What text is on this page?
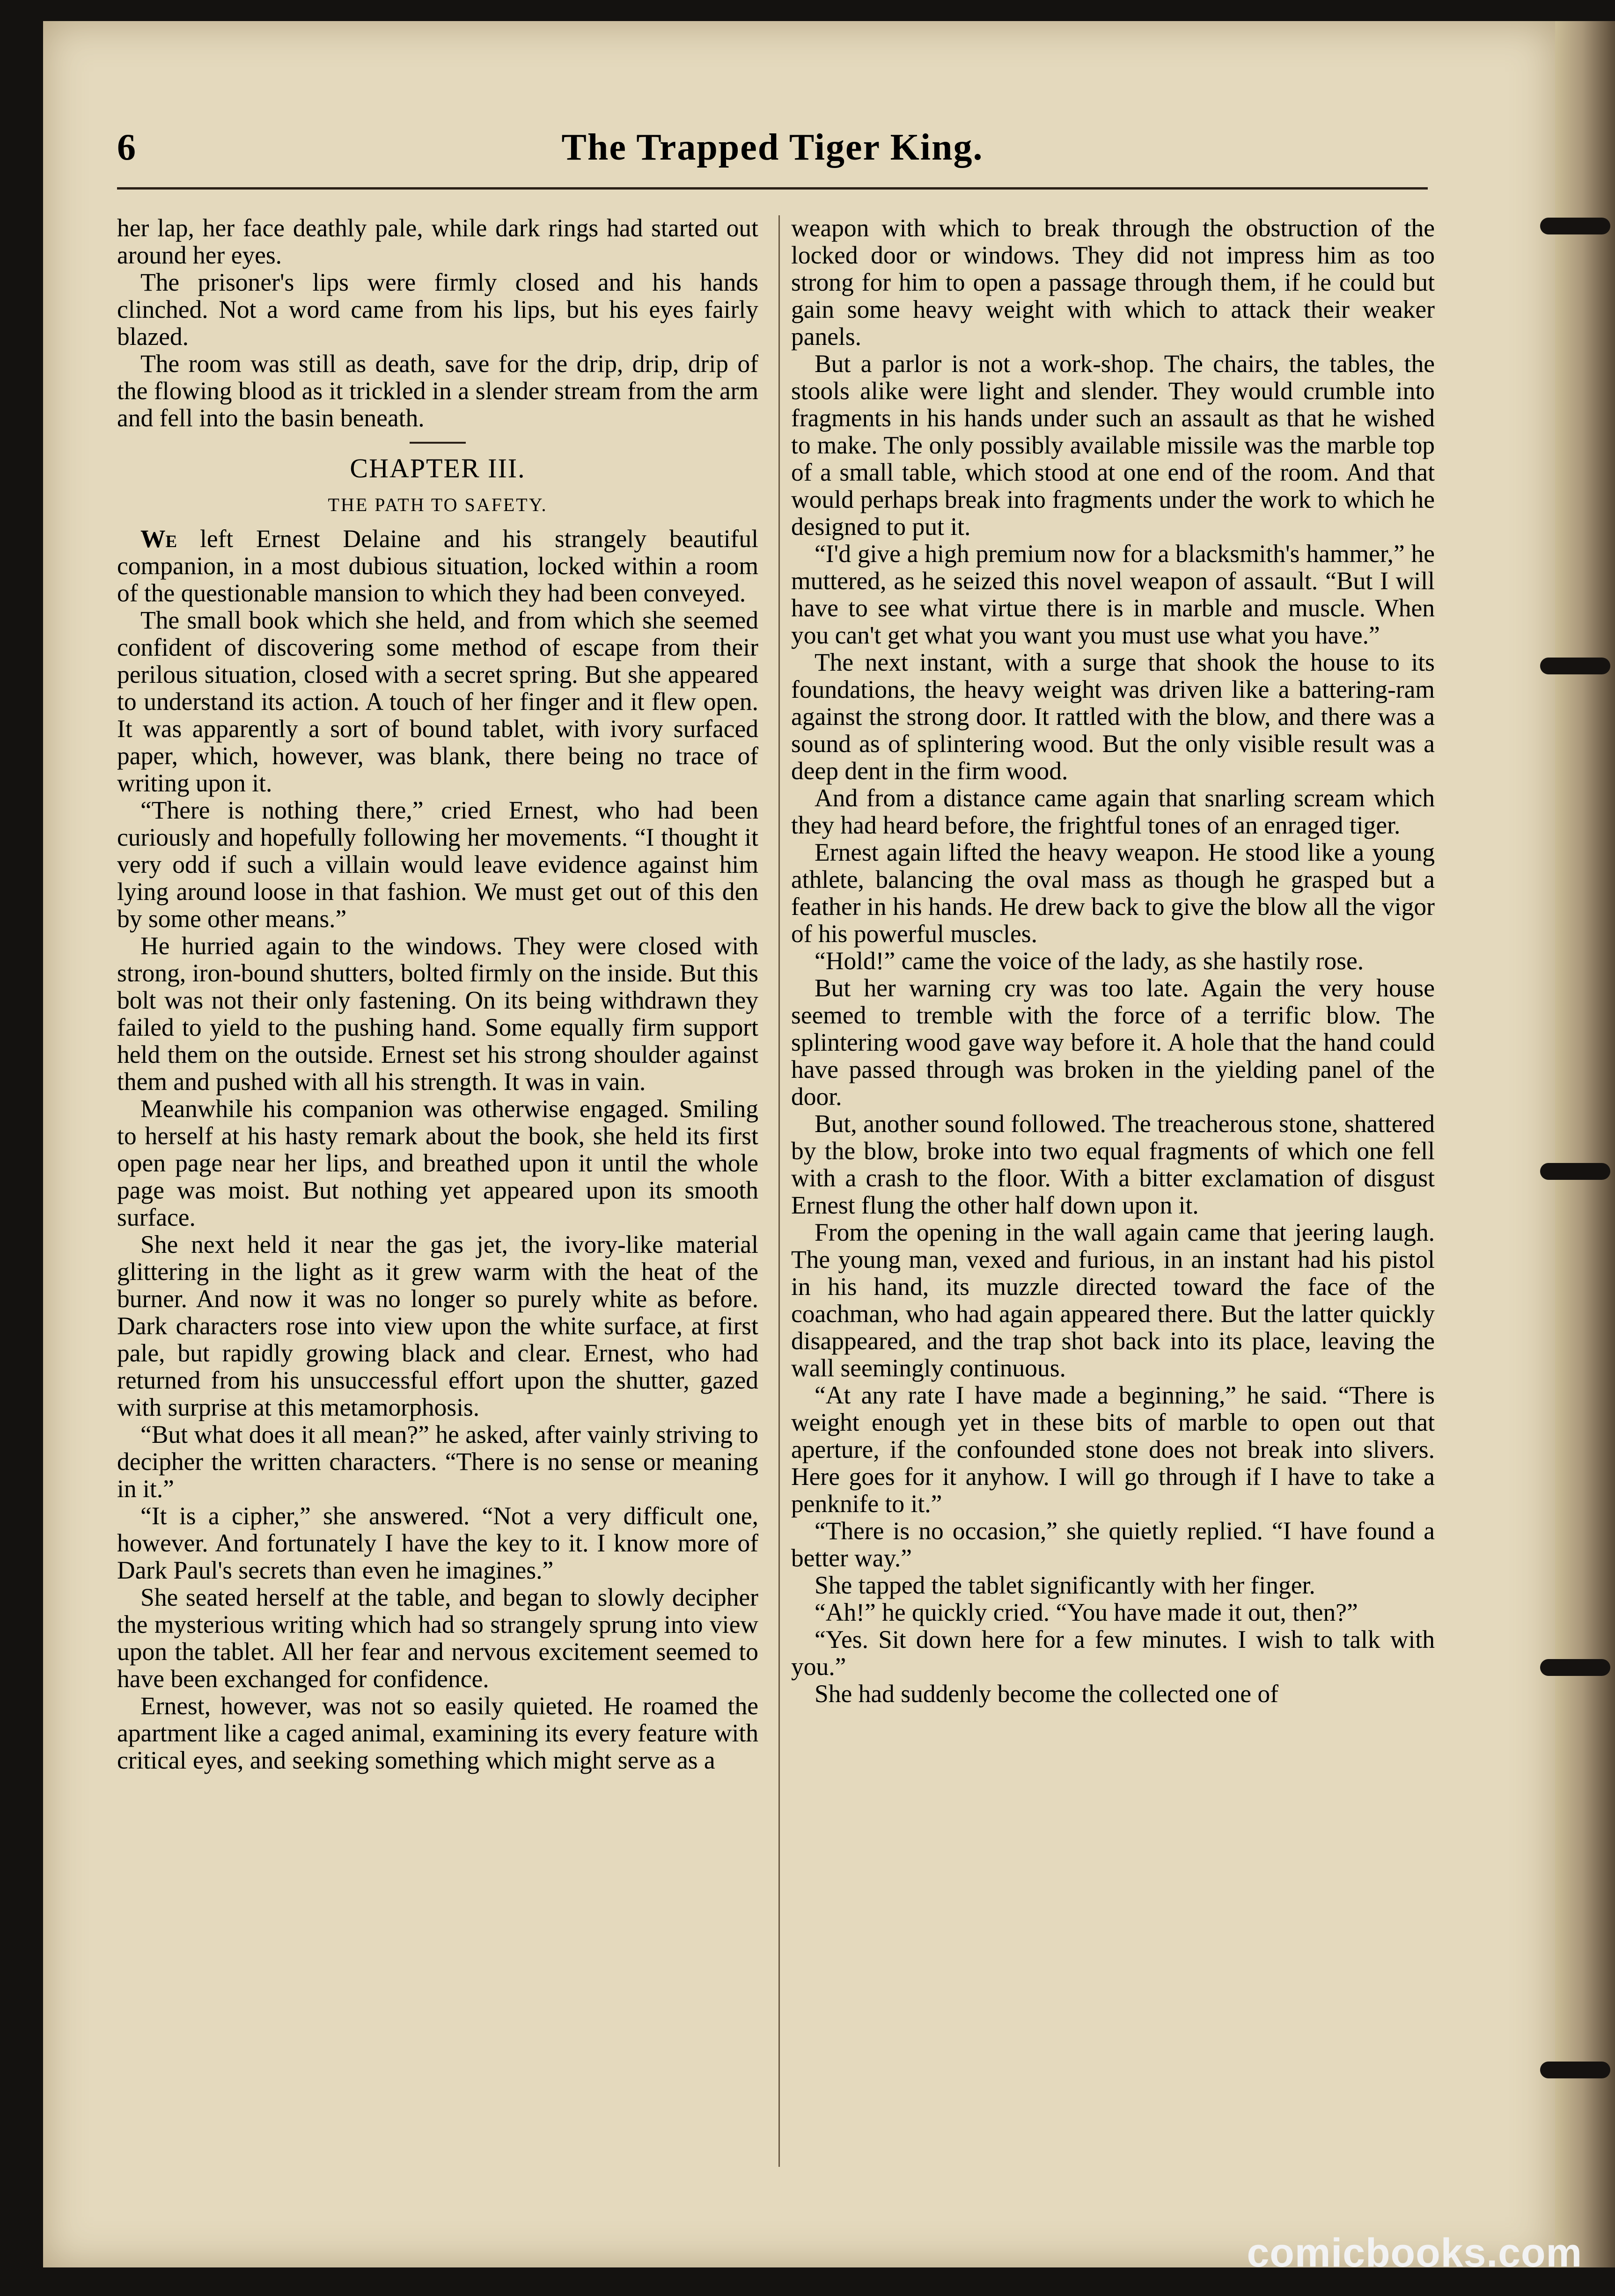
6	The Trapped Tiger King.

her lap, her face deathly pale, while dark rings had started out around her eyes.

The prisoner's lips were firmly closed and his hands clinched. Not a word came from his lips, but his eyes fairly blazed.

The room was still as death, save for the drip, drip, drip of the flowing blood as it trickled in a slender stream from the arm and fell into the basin beneath.

CHAPTER III.
THE PATH TO SAFETY.

We left Ernest Delaine and his strangely beautiful companion, in a most dubious situation, locked within a room of the questionable mansion to which they had been conveyed.

The small book which she held, and from which she seemed confident of discovering some method of escape from their perilous situation, closed with a secret spring. But she appeared to understand its action. A touch of her finger and it flew open. It was apparently a sort of bound tablet, with ivory surfaced paper, which, however, was blank, there being no trace of writing upon it.

“There is nothing there,” cried Ernest, who had been curiously and hopefully following her movements. “I thought it very odd if such a villain would leave evidence against him lying around loose in that fashion. We must get out of this den by some other means.”

He hurried again to the windows. They were closed with strong, iron-bound shutters, bolted firmly on the inside. But this bolt was not their only fastening. On its being withdrawn they failed to yield to the pushing hand. Some equally firm support held them on the outside. Ernest set his strong shoulder against them and pushed with all his strength. It was in vain.

Meanwhile his companion was otherwise engaged. Smiling to herself at his hasty remark about the book, she held its first open page near her lips, and breathed upon it until the whole page was moist. But nothing yet appeared upon its smooth surface.

She next held it near the gas jet, the ivory-like material glittering in the light as it grew warm with the heat of the burner. And now it was no longer so purely white as before. Dark characters rose into view upon the white surface, at first pale, but rapidly growing black and clear. Ernest, who had returned from his unsuccessful effort upon the shutter, gazed with surprise at this metamorphosis.

“But what does it all mean?” he asked, after vainly striving to decipher the written characters. “There is no sense or meaning in it.”

“It is a cipher,” she answered. “Not a very difficult one, however. And fortunately I have the key to it. I know more of Dark Paul's secrets than even he imagines.”

She seated herself at the table, and began to slowly decipher the mysterious writing which had so strangely sprung into view upon the tablet. All her fear and nervous excitement seemed to have been exchanged for confidence.

Ernest, however, was not so easily quieted. He roamed the apartment like a caged animal, examining its every feature with critical eyes, and seeking something which might serve as a

weapon with which to break through the obstruction of the locked door or windows. They did not impress him as too strong for him to open a passage through them, if he could but gain some heavy weight with which to attack their weaker panels.

But a parlor is not a work-shop. The chairs, the tables, the stools alike were light and slender. They would crumble into fragments in his hands under such an assault as that he wished to make. The only possibly available missile was the marble top of a small table, which stood at one end of the room. And that would perhaps break into fragments under the work to which he designed to put it.

“I'd give a high premium now for a blacksmith's hammer,” he muttered, as he seized this novel weapon of assault. “But I will have to see what virtue there is in marble and muscle. When you can't get what you want you must use what you have.”

The next instant, with a surge that shook the house to its foundations, the heavy weight was driven like a battering-ram against the strong door. It rattled with the blow, and there was a sound as of splintering wood. But the only visible result was a deep dent in the firm wood.

And from a distance came again that snarling scream which they had heard before, the frightful tones of an enraged tiger.

Ernest again lifted the heavy weapon. He stood like a young athlete, balancing the oval mass as though he grasped but a feather in his hands. He drew back to give the blow all the vigor of his powerful muscles.

“Hold!” came the voice of the lady, as she hastily rose.

But her warning cry was too late. Again the very house seemed to tremble with the force of a terrific blow. The splintering wood gave way before it. A hole that the hand could have passed through was broken in the yielding panel of the door.

But, another sound followed. The treacherous stone, shattered by the blow, broke into two equal fragments of which one fell with a crash to the floor. With a bitter exclamation of disgust Ernest flung the other half down upon it.

From the opening in the wall again came that jeering laugh. The young man, vexed and furious, in an instant had his pistol in his hand, its muzzle directed toward the face of the coachman, who had again appeared there. But the latter quickly disappeared, and the trap shot back into its place, leaving the wall seemingly continuous.

“At any rate I have made a beginning,” he said. “There is weight enough yet in these bits of marble to open out that aperture, if the confounded stone does not break into slivers. Here goes for it anyhow. I will go through if I have to take a penknife to it.”

“There is no occasion,” she quietly replied. “I have found a better way.”

She tapped the tablet significantly with her finger.

“Ah!” he quickly cried. “You have made it out, then?”

“Yes. Sit down here for a few minutes. I wish to talk with you.”

She had suddenly become the collected one of

comicbooks.com
